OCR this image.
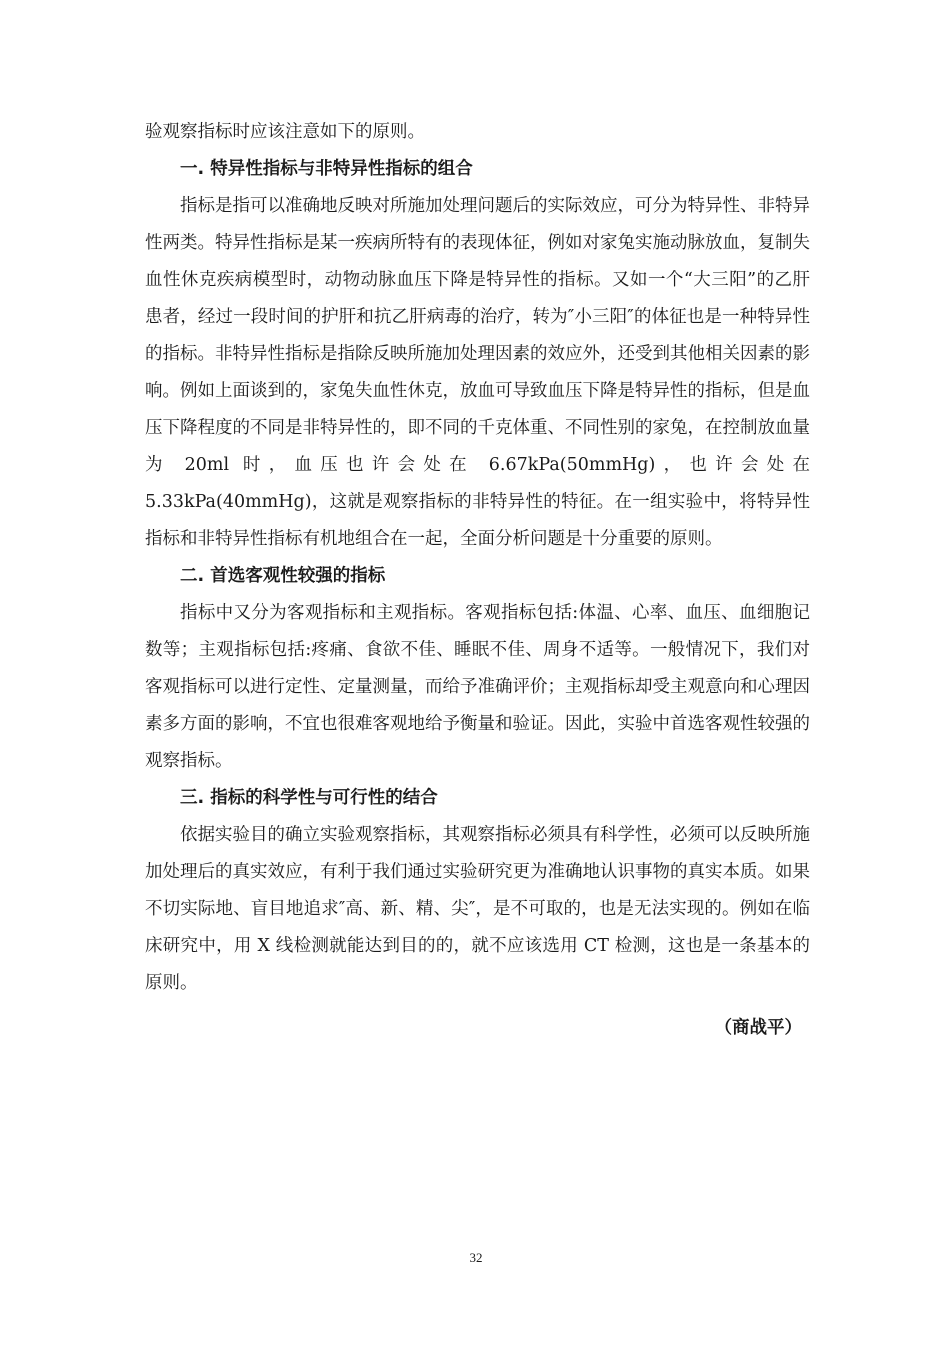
验观察指标时应该注意如下的原则。

一. 特异性指标与非特异性指标的组合

指标是指可以准确地反映对所施加处理问题后的实际效应，可分为特异性、非特异性两类。特异性指标是某一疾病所特有的表现体征，例如对家兔实施动脉放血，复制失血性休克疾病模型时，动物动脉血压下降是特异性的指标。又如一个“大三阳”的乙肝患者，经过一段时间的护肝和抗乙肝病毒的治疗，转为″小三阳″的体征也是一种特异性的指标。非特异性指标是指除反映所施加处理因素的效应外，还受到其他相关因素的影响。例如上面谈到的，家兔失血性休克，放血可导致血压下降是特异性的指标，但是血压下降程度的不同是非特异性的，即不同的千克体重、不同性别的家兔，在控制放血量为 20ml 时，血压也许会处在 6.67kPa(50mmHg)，也许会处在 5.33kPa(40mmHg)，这就是观察指标的非特异性的特征。在一组实验中，将特异性指标和非特异性指标有机地组合在一起，全面分析问题是十分重要的原则。

二. 首选客观性较强的指标

指标中又分为客观指标和主观指标。客观指标包括:体温、心率、血压、血细胞记数等；主观指标包括:疼痛、食欲不佳、睡眠不佳、周身不适等。一般情况下，我们对客观指标可以进行定性、定量测量，而给予准确评价；主观指标却受主观意向和心理因素多方面的影响，不宜也很难客观地给予衡量和验证。因此，实验中首选客观性较强的观察指标。

三. 指标的科学性与可行性的结合

依据实验目的确立实验观察指标，其观察指标必须具有科学性，必须可以反映所施加处理后的真实效应，有利于我们通过实验研究更为准确地认识事物的真实本质。如果不切实际地、盲目地追求″高、新、精、尖″，是不可取的，也是无法实现的。例如在临床研究中，用 X 线检测就能达到目的的，就不应该选用 CT 检测，这也是一条基本的原则。

（商战平）
32
